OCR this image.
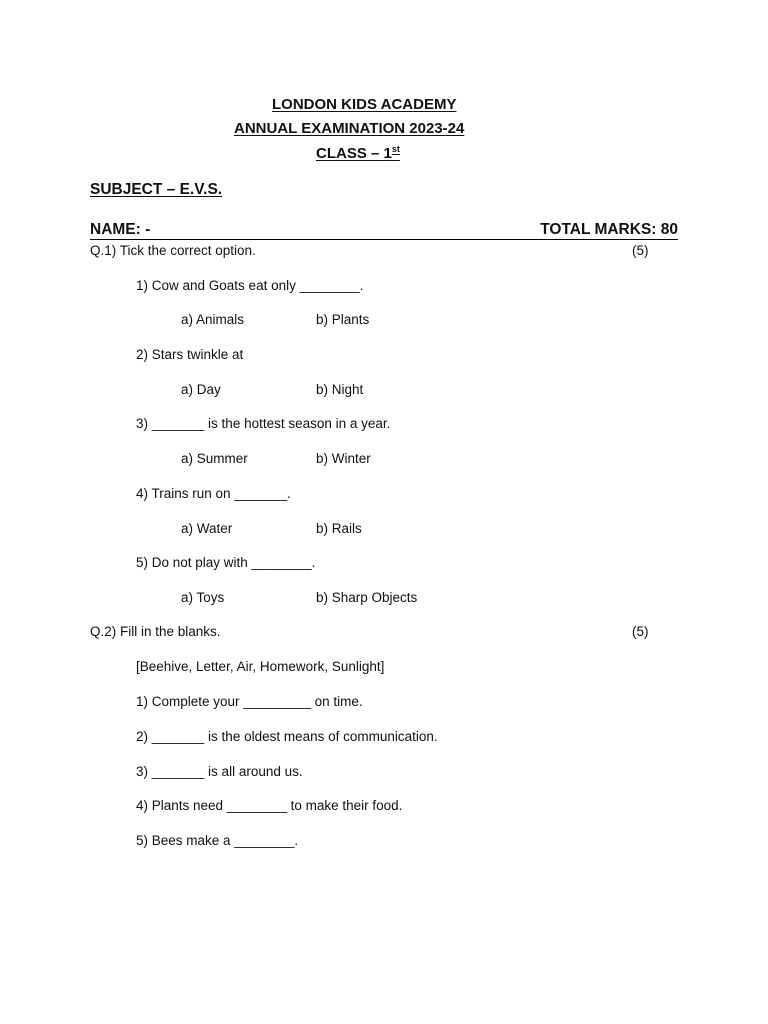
LONDON KIDS ACADEMY
ANNUAL EXAMINATION 2023-24
CLASS – 1st
SUBJECT – E.V.S.
NAME: -	TOTAL MARKS: 80
Q.1) Tick the correct option.	(5)
1) Cow and Goats eat only ________.
a) Animals	b) Plants
2) Stars twinkle at
a) Day	b) Night
3) _______ is the hottest season in a year.
a) Summer	b) Winter
4) Trains run on _______.
a) Water	b) Rails
5) Do not play with ________.
a) Toys	b) Sharp Objects
Q.2) Fill in the blanks.	(5)
[Beehive, Letter, Air, Homework, Sunlight]
1) Complete your _________ on time.
2) _______ is the oldest means of communication.
3) _______ is all around us.
4) Plants need ________ to make their food.
5) Bees make a ________.
